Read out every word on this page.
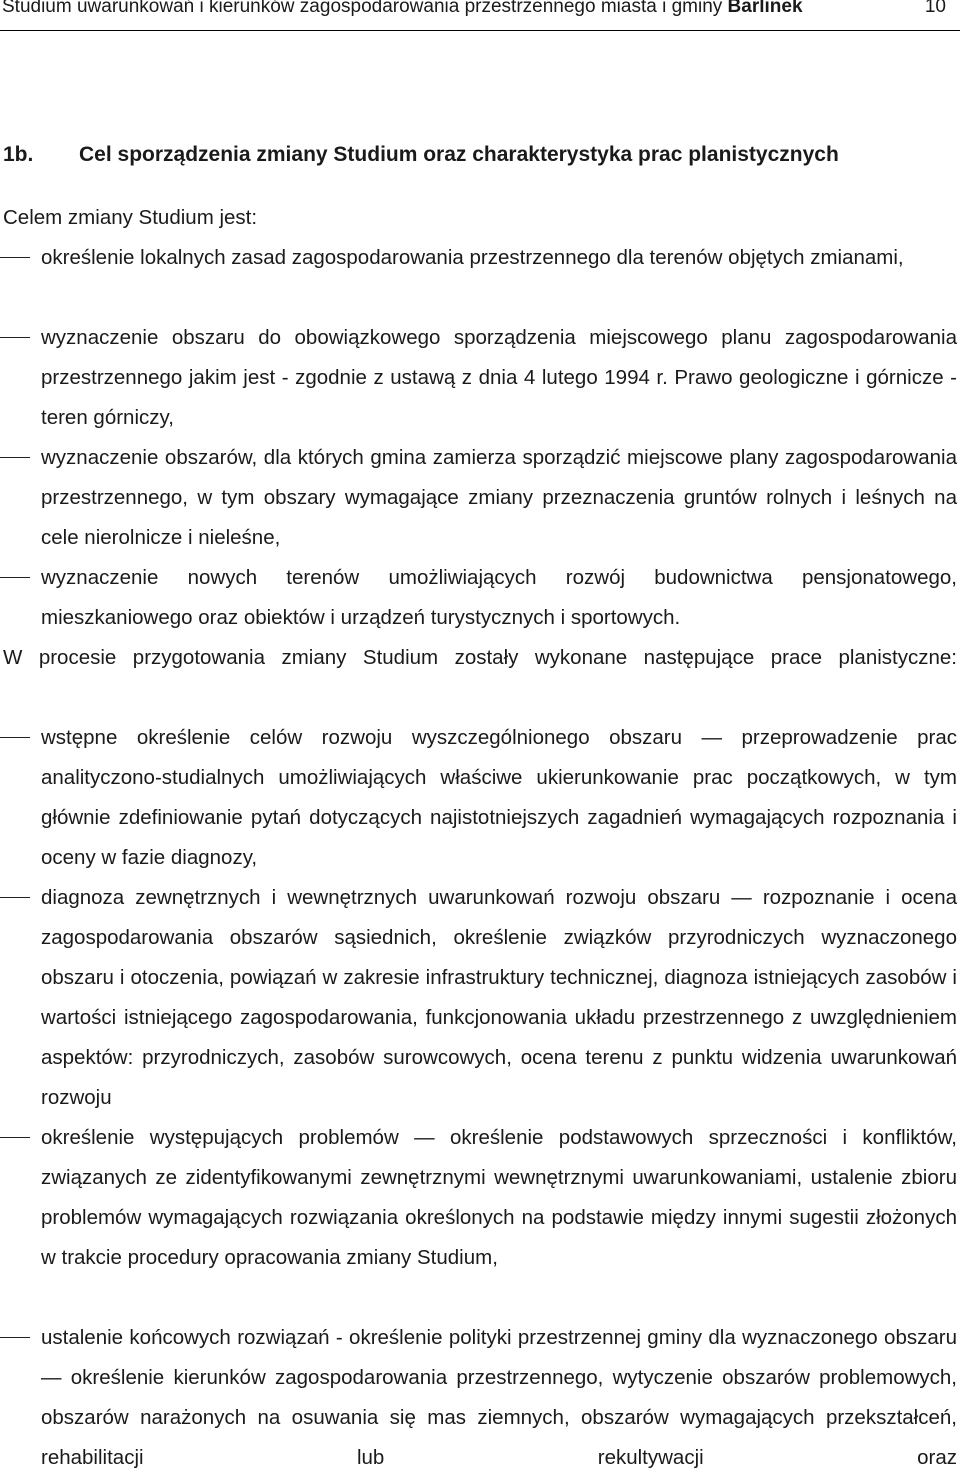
Studium uwarunkowań i kierunków zagospodarowania przestrzennego miasta i gminy Barlinek	10
1b. Cel sporządzenia zmiany Studium oraz charakterystyka prac planistycznych
Celem zmiany Studium jest:
określenie lokalnych zasad zagospodarowania przestrzennego dla terenów objętych zmianami,
wyznaczenie obszaru do obowiązkowego sporządzenia miejscowego planu zagospodarowania przestrzennego jakim jest - zgodnie z ustawą z dnia 4 lutego 1994 r. Prawo geologiczne i górnicze - teren górniczy,
wyznaczenie obszarów, dla których gmina zamierza sporządzić miejscowe plany zagospodarowania przestrzennego, w tym obszary wymagające zmiany przeznaczenia gruntów rolnych i leśnych na cele nierolnicze i nieleśne,
wyznaczenie nowych terenów umożliwiających rozwój budownictwa pensjonatowego, mieszkaniowego oraz obiektów i urządzeń turystycznych i sportowych.
W procesie przygotowania zmiany Studium zostały wykonane następujące prace planistyczne:
wstępne określenie celów rozwoju wyszczególnionego obszaru — przeprowadzenie prac analityczono-studialnych umożliwiających właściwe ukierunkowanie prac początkowych, w tym głównie zdefiniowanie pytań dotyczących najistotniejszych zagadnień wymagających rozpoznania i oceny w fazie diagnozy,
diagnoza zewnętrznych i wewnętrznych uwarunkowań rozwoju obszaru — rozpoznanie i ocena zagospodarowania obszarów sąsiednich, określenie związków przyrodniczych wyznaczonego obszaru i otoczenia, powiązań w zakresie infrastruktury technicznej, diagnoza istniejących zasobów i wartości istniejącego zagospodarowania, funkcjonowania układu przestrzennego z uwzględnieniem aspektów: przyrodniczych, zasobów surowcowych, ocena terenu z punktu widzenia uwarunkowań rozwoju
określenie występujących problemów — określenie podstawowych sprzeczności i konfliktów, związanych ze zidentyfikowanymi zewnętrznymi wewnętrznymi uwarunkowaniami, ustalenie zbioru problemów wymagających rozwiązania określonych na podstawie między innymi sugestii złożonych w trakcie procedury opracowania zmiany Studium,
ustalenie końcowych rozwiązań - określenie polityki przestrzennej gminy dla wyznaczonego obszaru — określenie kierunków zagospodarowania przestrzennego, wytyczenie obszarów problemowych, obszarów narażonych na osuwania się mas ziemnych, obszarów wymagających przekształceń, rehabilitacji lub rekultywacji oraz
